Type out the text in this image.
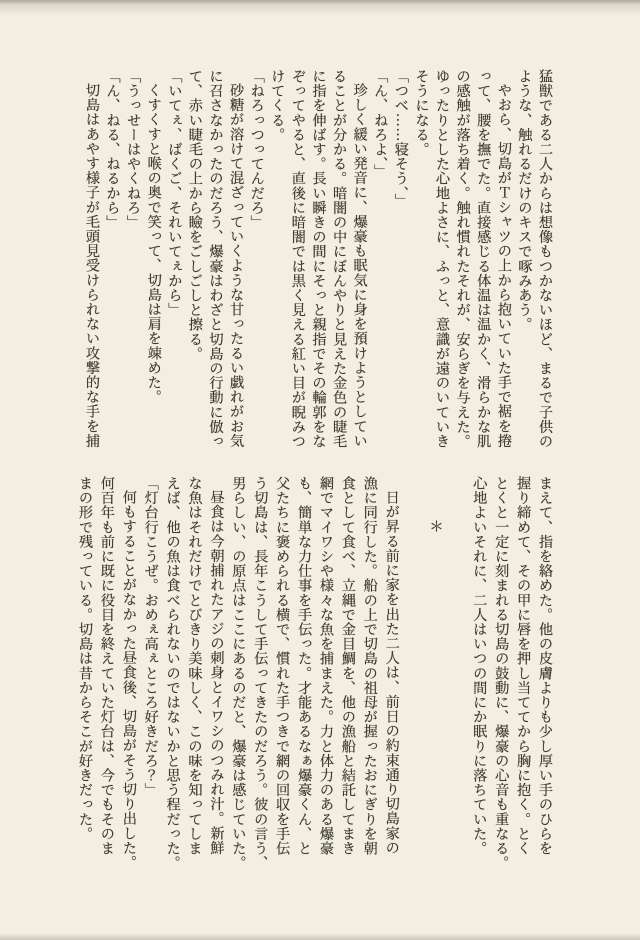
猛獣である二人からは想像もつかないほど、まるで子供の

ような、触れるだけのキスで啄みあう。

やおら、切島がＴシャツの上から抱いていた手で裾を捲

って、腰を撫でた。直接感じる体温は温かく、滑らかな肌

の感触が落ち着く。触れ慣れたそれが、安らぎを与えた。

ゆったりとした心地よさに、ふっと、意識が遠のいていき

そうになる。

「つべ……寝そう、」

「ん、ねろよ、」

珍しく緩い発音に、爆豪も眠気に身を預けようとしてい

ることが分かる。暗闇の中にぼんやりと見えた金色の睫毛

に指を伸ばす。長い瞬きの間にそっと親指でその輪郭をな

ぞってやると、直後に暗闇では黒く見える紅い目が睨みつ

けてくる。

「ねろっつってんだろ」

砂糖が溶けて混ざっていくような甘ったるい戯れがお気

に召さなかったのだろう、爆豪はわざと切島の行動に倣っ

て、赤い睫毛の上から瞼をごしごしと擦る。

「いてぇ、ばくご、それいてぇから」

くすくすと喉の奥で笑って、切島は肩を竦めた。

「うっせーはやくねろ」

「ん、ねる、ねるから」

切島はあやす様子が毛頭見受けられない攻撃的な手を捕

まえて、指を絡めた。他の皮膚よりも少し厚い手のひらを

握り締めて、その甲に唇を押し当ててから胸に抱く。とく

とくと一定に刻まれる切島の鼓動に、爆豪の心音も重なる。

心地よいそれに、二人はいつの間にか眠りに落ちていた。

＊

日が昇る前に家を出た二人は、前日の約束通り切島家の

漁に同行した。船の上で切島の祖母が握ったおにぎりを朝

食として食べ、立縄で金目鯛を、他の漁船と結託してまき

網でマイワシや様々な魚を捕まえた。力と体力のある爆豪

も、簡単な力仕事を手伝った。才能あるなぁ爆豪くん、と

父たちに褒められる横で、慣れた手つきで網の回収を手伝

う切島は、長年こうして手伝ってきたのだろう。彼の言う、

男らしい、の原点はここにあるのだと、爆豪は感じていた。

昼食は今朝捕れたアジの刺身とイワシのつみれ汁。新鮮

な魚はそれだけでとびきり美味しく、この味を知ってしま

えば、他の魚は食べられないのではないかと思う程だった。

「灯台行こうぜ。おめぇ高ぇところ好きだろ？」

何もすることがなかった昼食後、切島がそう切り出した。

何百年も前に既に役目を終えていた灯台は、今でもそのま

まの形で残っている。切島は昔からそこが好きだった。
